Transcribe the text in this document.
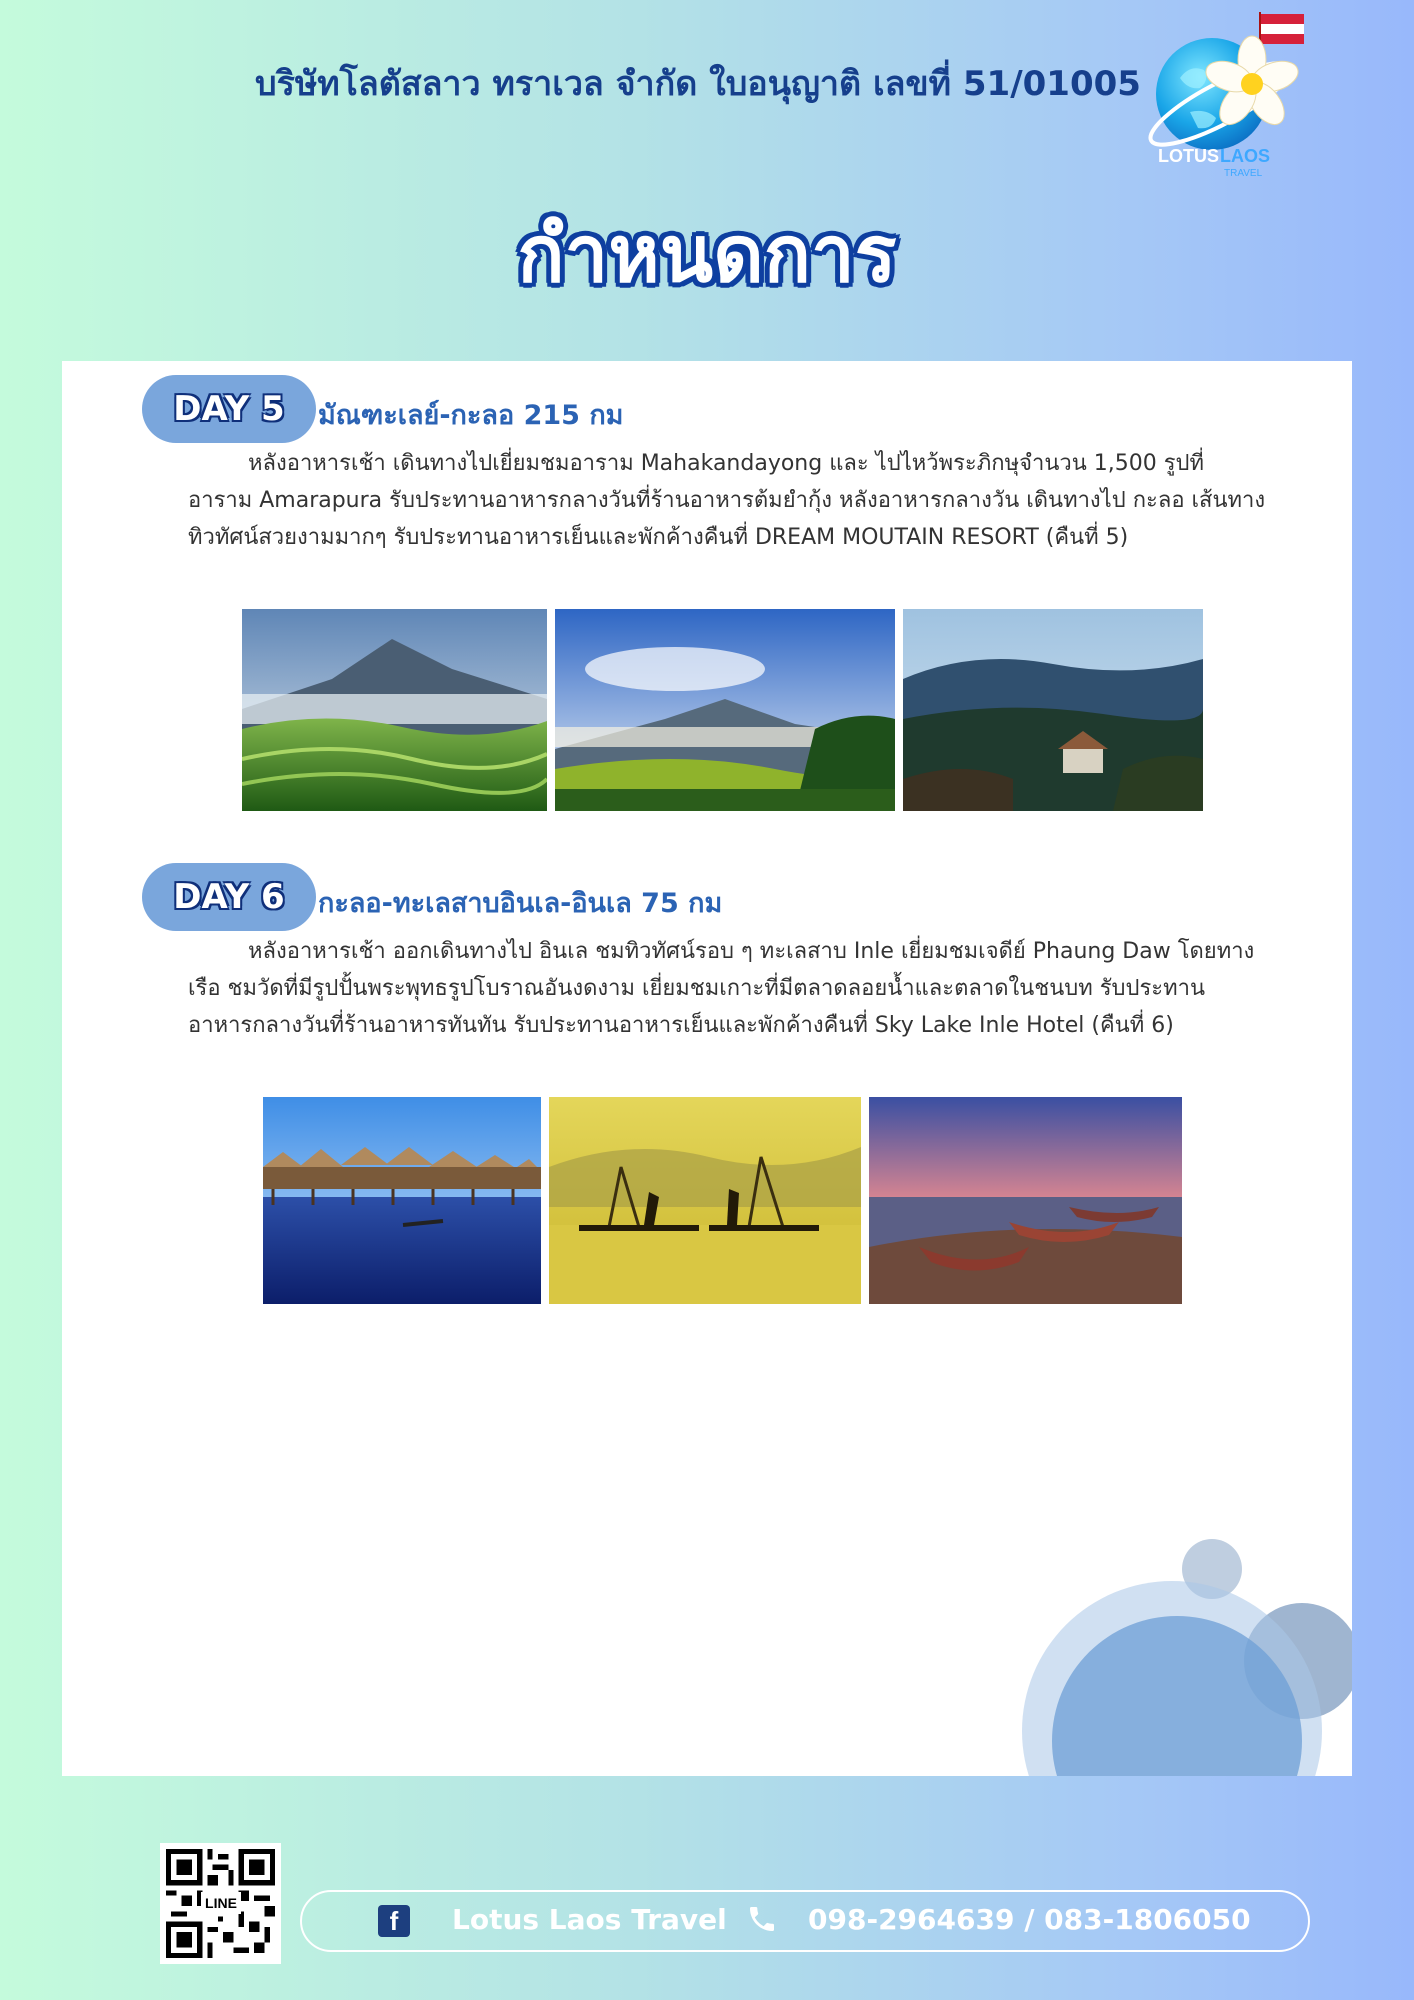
บริษัทโลตัสลาว ทราเวล จำกัด ใบอนุญาติ เลขที่ 51/01005
LOTUS LAOS
TRAVEL
กำหนดการ
DAY 5	มัณฑะเลย์-กะลอ 215 กม

หลังอาหารเช้า เดินทางไปเยี่ยมชมอาราม Mahakandayong และ ไปไหว้พระภิกษุจำนวน 1,500 รูปที่อาราม Amarapura รับประทานอาหารกลางวันที่ร้านอาหารต้มยำกุ้ง หลังอาหารกลางวัน เดินทางไป กะลอ เส้นทางทิวทัศน์สวยงามมากๆ รับประทานอาหารเย็นและพักค้างคืนที่ DREAM MOUTAIN RESORT (คืนที่ 5)

DAY 6	กะลอ-ทะเลสาบอินเล-อินเล 75 กม

หลังอาหารเช้า ออกเดินทางไป อินเล ชมทิวทัศน์รอบ ๆ ทะเลสาบ Inle เยี่ยมชมเจดีย์ Phaung Daw โดยทางเรือ ชมวัดที่มีรูปปั้นพระพุทธรูปโบราณอันงดงาม เยี่ยมชมเกาะที่มีตลาดลอยน้ำและตลาดในชนบท รับประทานอาหารกลางวันที่ร้านอาหารทันทัน รับประทานอาหารเย็นและพักค้างคืนที่ Sky Lake Inle Hotel (คืนที่ 6)

LINE
f	Lotus Laos Travel	098-2964639 / 083-1806050
